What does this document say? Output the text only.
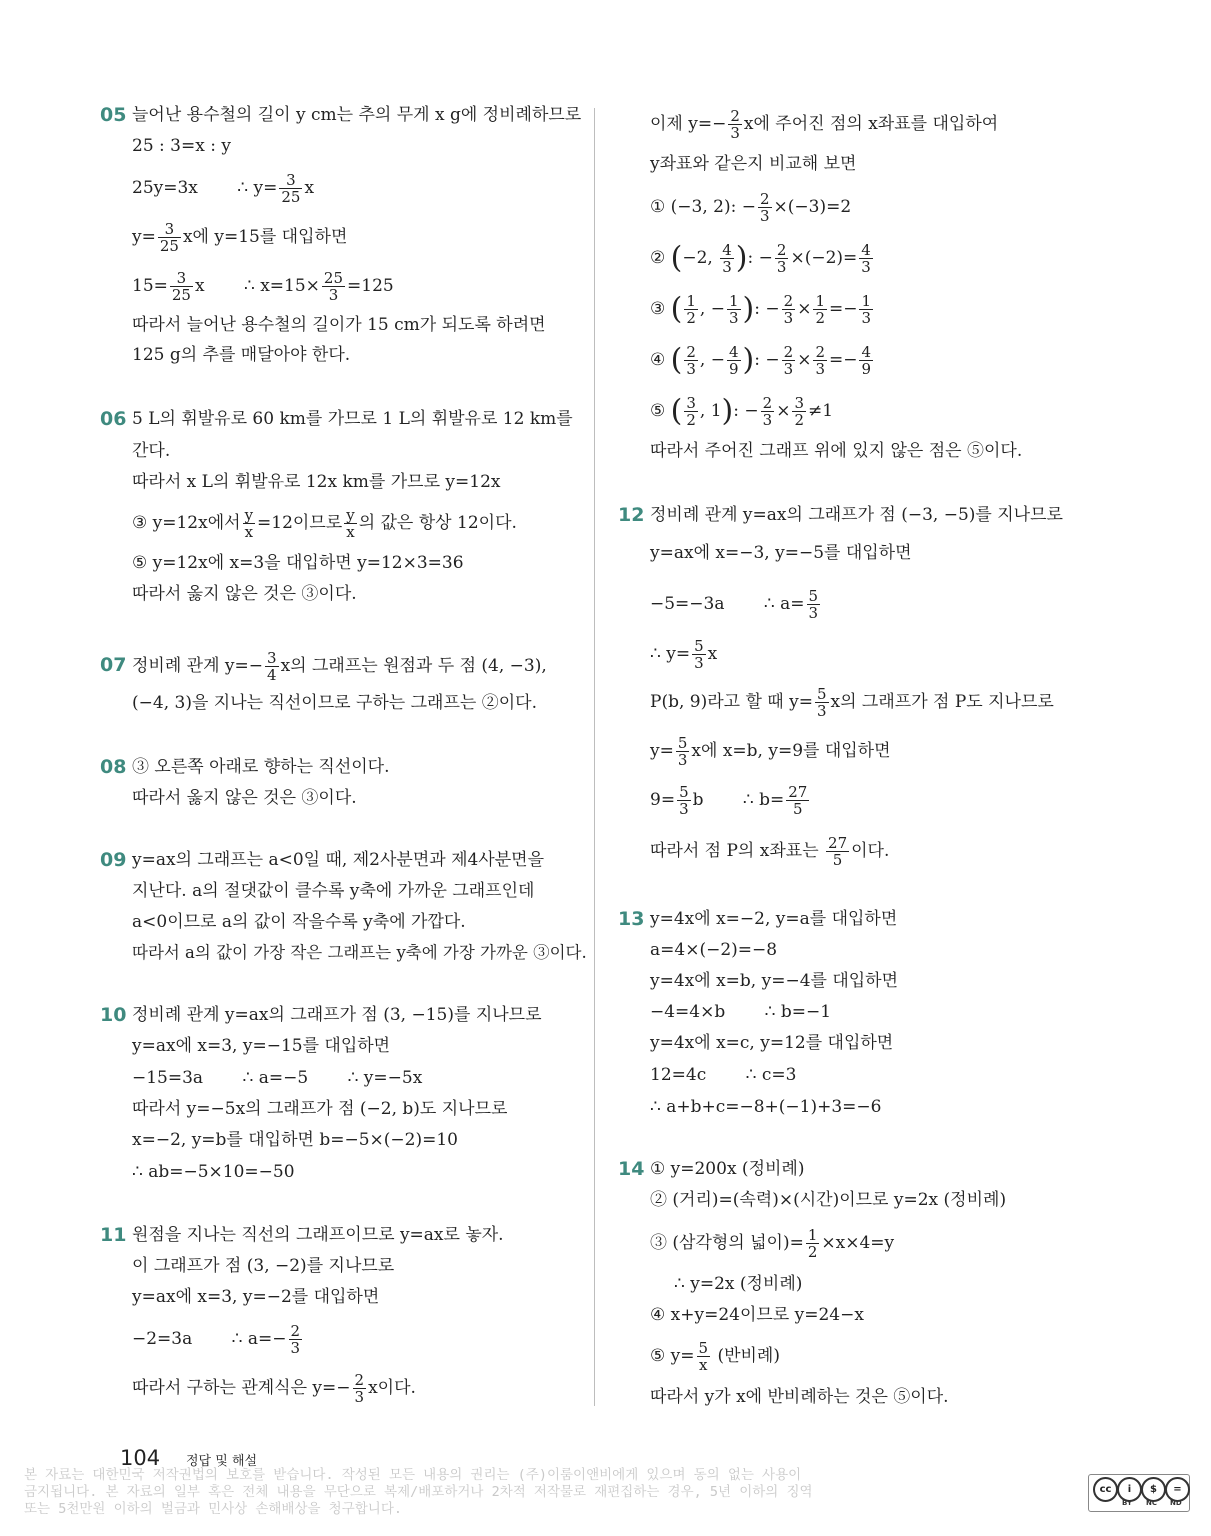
05 늘어난 용수철의 길이 y cm는 추의 무게 x g에 정비례하므로
25 : 3=x : y
25y=3x ∴ $y= \frac{3}{25}$ x
$y= \frac{3}{25}$ x에 y=15를 대입하면
$15= \frac{3}{25}$ x ∴ $x=15\times \frac{25}{3} =125$
따라서 늘어난 용수철의 길이가 15 cm가 되도록 하려면
125 g의 추를 매달아야 한다.
06 5 L의 휘발유로 60 km를 가므로 1 L의 휘발유로 12 km를
간다.
따라서 x L의 휘발유로 12x km를 가므로 y=12x
③ y=12x에서 $\frac{y}{x} =12$이므로 $\frac{y}{x}$ 의 값은 항상 12이다.
⑤ y=12x에 x=3을 대입하면 y=12×3=36
따라서 옳지 않은 것은 ③이다.
07 정비례 관계 $y=- \frac{3}{4}$ x의 그래프는 원점과 두 점 (4, −3),
(−4, 3)을 지나는 직선이므로 구하는 그래프는 ②이다.
08 ③ 오른쪽 아래로 향하는 직선이다.
따라서 옳지 않은 것은 ③이다.
09 y=ax의 그래프는 a<0일 때, 제2사분면과 제4사분면을
지난다. a의 절댓값이 클수록 y축에 가까운 그래프인데
a<0이므로 a의 값이 작을수록 y축에 가깝다.
따라서 a의 값이 가장 작은 그래프는 y축에 가장 가까운 ③이다.
10 정비례 관계 y=ax의 그래프가 점 (3, −15)를 지나므로
y=ax에 x=3, y=−15를 대입하면
−15=3a ∴ a=−5 ∴ y=−5x
따라서 y=−5x의 그래프가 점 (−2, b)도 지나므로
x=−2, y=b를 대입하면 b=−5×(−2)=10
∴ ab=−5×10=−50
11 원점을 지나는 직선의 그래프이므로 y=ax로 놓자.
이 그래프가 점 (3, −2)를 지나므로
y=ax에 x=3, y=−2를 대입하면
−2=3a ∴ $a=- \frac{2}{3}$
따라서 구하는 관계식은 $y=- \frac{2}{3}$ x이다.
이제 $y=- \frac{2}{3}$ x에 주어진 점의 x좌표를 대입하여
y좌표와 같은지 비교해 보면
① (−3, 2): − $\frac{2}{3} \times(-3)=2$
② (−2, $\frac{4}{3}$ ): − $\frac{2}{3} \times(-2)= \frac{4}{3}$
③ ( $\frac{1}{2}$ , − $\frac{1}{3}$ ): − $\frac{2}{3} \times \frac{1}{2} =- \frac{1}{3}$
④ ( $\frac{2}{3}$ , − $\frac{4}{9}$ ): − $\frac{2}{3} \times \frac{2}{3} =- \frac{4}{9}$
⑤ ( $\frac{3}{2}$ , 1): − $\frac{2}{3} \times \frac{3}{2} \ne 1$
따라서 주어진 그래프 위에 있지 않은 점은 ⑤이다.
12 정비례 관계 y=ax의 그래프가 점 (−3, −5)를 지나므로
y=ax에 x=−3, y=−5를 대입하면
−5=−3a ∴ $a= \frac{5}{3}$
∴ $y= \frac{5}{3}$ x
P(b, 9)라고 할 때 $y= \frac{5}{3}$ x의 그래프가 점 P도 지나므로
$y= \frac{5}{3}$ x에 x=b, y=9를 대입하면
$9= \frac{5}{3}$ b ∴ $b= \frac{27}{5}$
따라서 점 P의 x좌표는 $\frac{27}{5}$ 이다.
13 y=4x에 x=−2, y=a를 대입하면
a=4×(−2)=−8
y=4x에 x=b, y=−4를 대입하면
−4=4×b ∴ b=−1
y=4x에 x=c, y=12를 대입하면
12=4c ∴ c=3
∴ a+b+c=−8+(−1)+3=−6
14 ① y=200x (정비례)
② (거리)=(속력)×(시간)이므로 y=2x (정비례)
③ (삼각형의 넓이)= $\frac{1}{2} \times x\times 4=y$
∴ y=2x (정비례)
④ x+y=24이므로 y=24−x
⑤ $y= \frac{5}{x}$ (반비례)
따라서 y가 x에 반비례하는 것은 ⑤이다.
104 정답 및 해설
본 자료는 대한민국 저작권법의 보호를 받습니다. 작성된 모든 내용의 권리는 (주)이룸이앤비에게 있으며 동의 없는 사용이
금지됩니다. 본 자료의 일부 혹은 전체 내용을 무단으로 복제/배포하거나 2차적 저작물로 재편집하는 경우, 5년 이하의 징역
또는 5천만원 이하의 벌금과 민사상 손해배상을 청구합니다.
cc	i	$	=
BY NC ND
